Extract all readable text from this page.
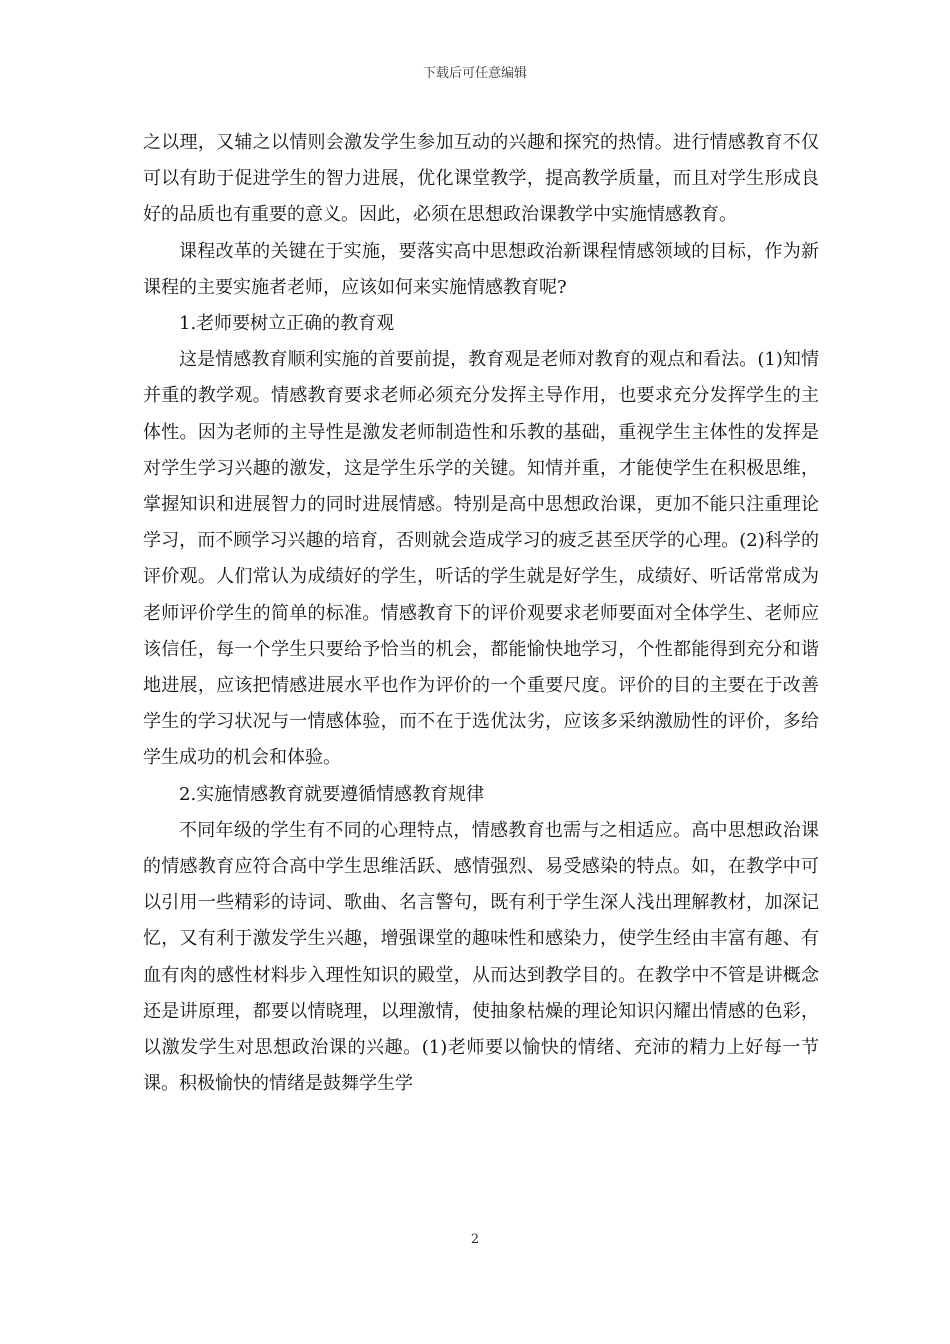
下载后可任意编辑

之以理，又辅之以情则会激发学生参加互动的兴趣和探究的热情。进行情感教育不仅可以有助于促进学生的智力进展，优化课堂教学，提高教学质量，而且对学生形成良好的品质也有重要的意义。因此，必须在思想政治课教学中实施情感教育。

课程改革的关键在于实施，要落实高中思想政治新课程情感领域的目标，作为新课程的主要实施者老师，应该如何来实施情感教育呢?

1.老师要树立正确的教育观

这是情感教育顺利实施的首要前提，教育观是老师对教育的观点和看法。(1)知情并重的教学观。情感教育要求老师必须充分发挥主导作用，也要求充分发挥学生的主体性。因为老师的主导性是激发老师制造性和乐教的基础，重视学生主体性的发挥是对学生学习兴趣的激发，这是学生乐学的关键。知情并重，才能使学生在积极思维，掌握知识和进展智力的同时进展情感。特别是高中思想政治课，更加不能只注重理论学习，而不顾学习兴趣的培育，否则就会造成学习的疲乏甚至厌学的心理。(2)科学的评价观。人们常认为成绩好的学生，听话的学生就是好学生，成绩好、听话常常成为老师评价学生的简单的标准。情感教育下的评价观要求老师要面对全体学生、老师应该信任，每一个学生只要给予恰当的机会，都能愉快地学习，个性都能得到充分和谐地进展，应该把情感进展水平也作为评价的一个重要尺度。评价的目的主要在于改善学生的学习状况与一情感体验，而不在于选优汰劣，应该多采纳激励性的评价，多给学生成功的机会和体验。

2.实施情感教育就要遵循情感教育规律

不同年级的学生有不同的心理特点，情感教育也需与之相适应。高中思想政治课的情感教育应符合高中学生思维活跃、感情强烈、易受感染的特点。如，在教学中可以引用一些精彩的诗词、歌曲、名言警句，既有利于学生深人浅出理解教材，加深记忆，又有利于激发学生兴趣，增强课堂的趣味性和感染力，使学生经由丰富有趣、有血有肉的感性材料步入理性知识的殿堂，从而达到教学目的。在教学中不管是讲概念还是讲原理，都要以情晓理，以理激情，使抽象枯燥的理论知识闪耀出情感的色彩，以激发学生对思想政治课的兴趣。(1)老师要以愉快的情绪、充沛的精力上好每一节课。积极愉快的情绪是鼓舞学生学

2
